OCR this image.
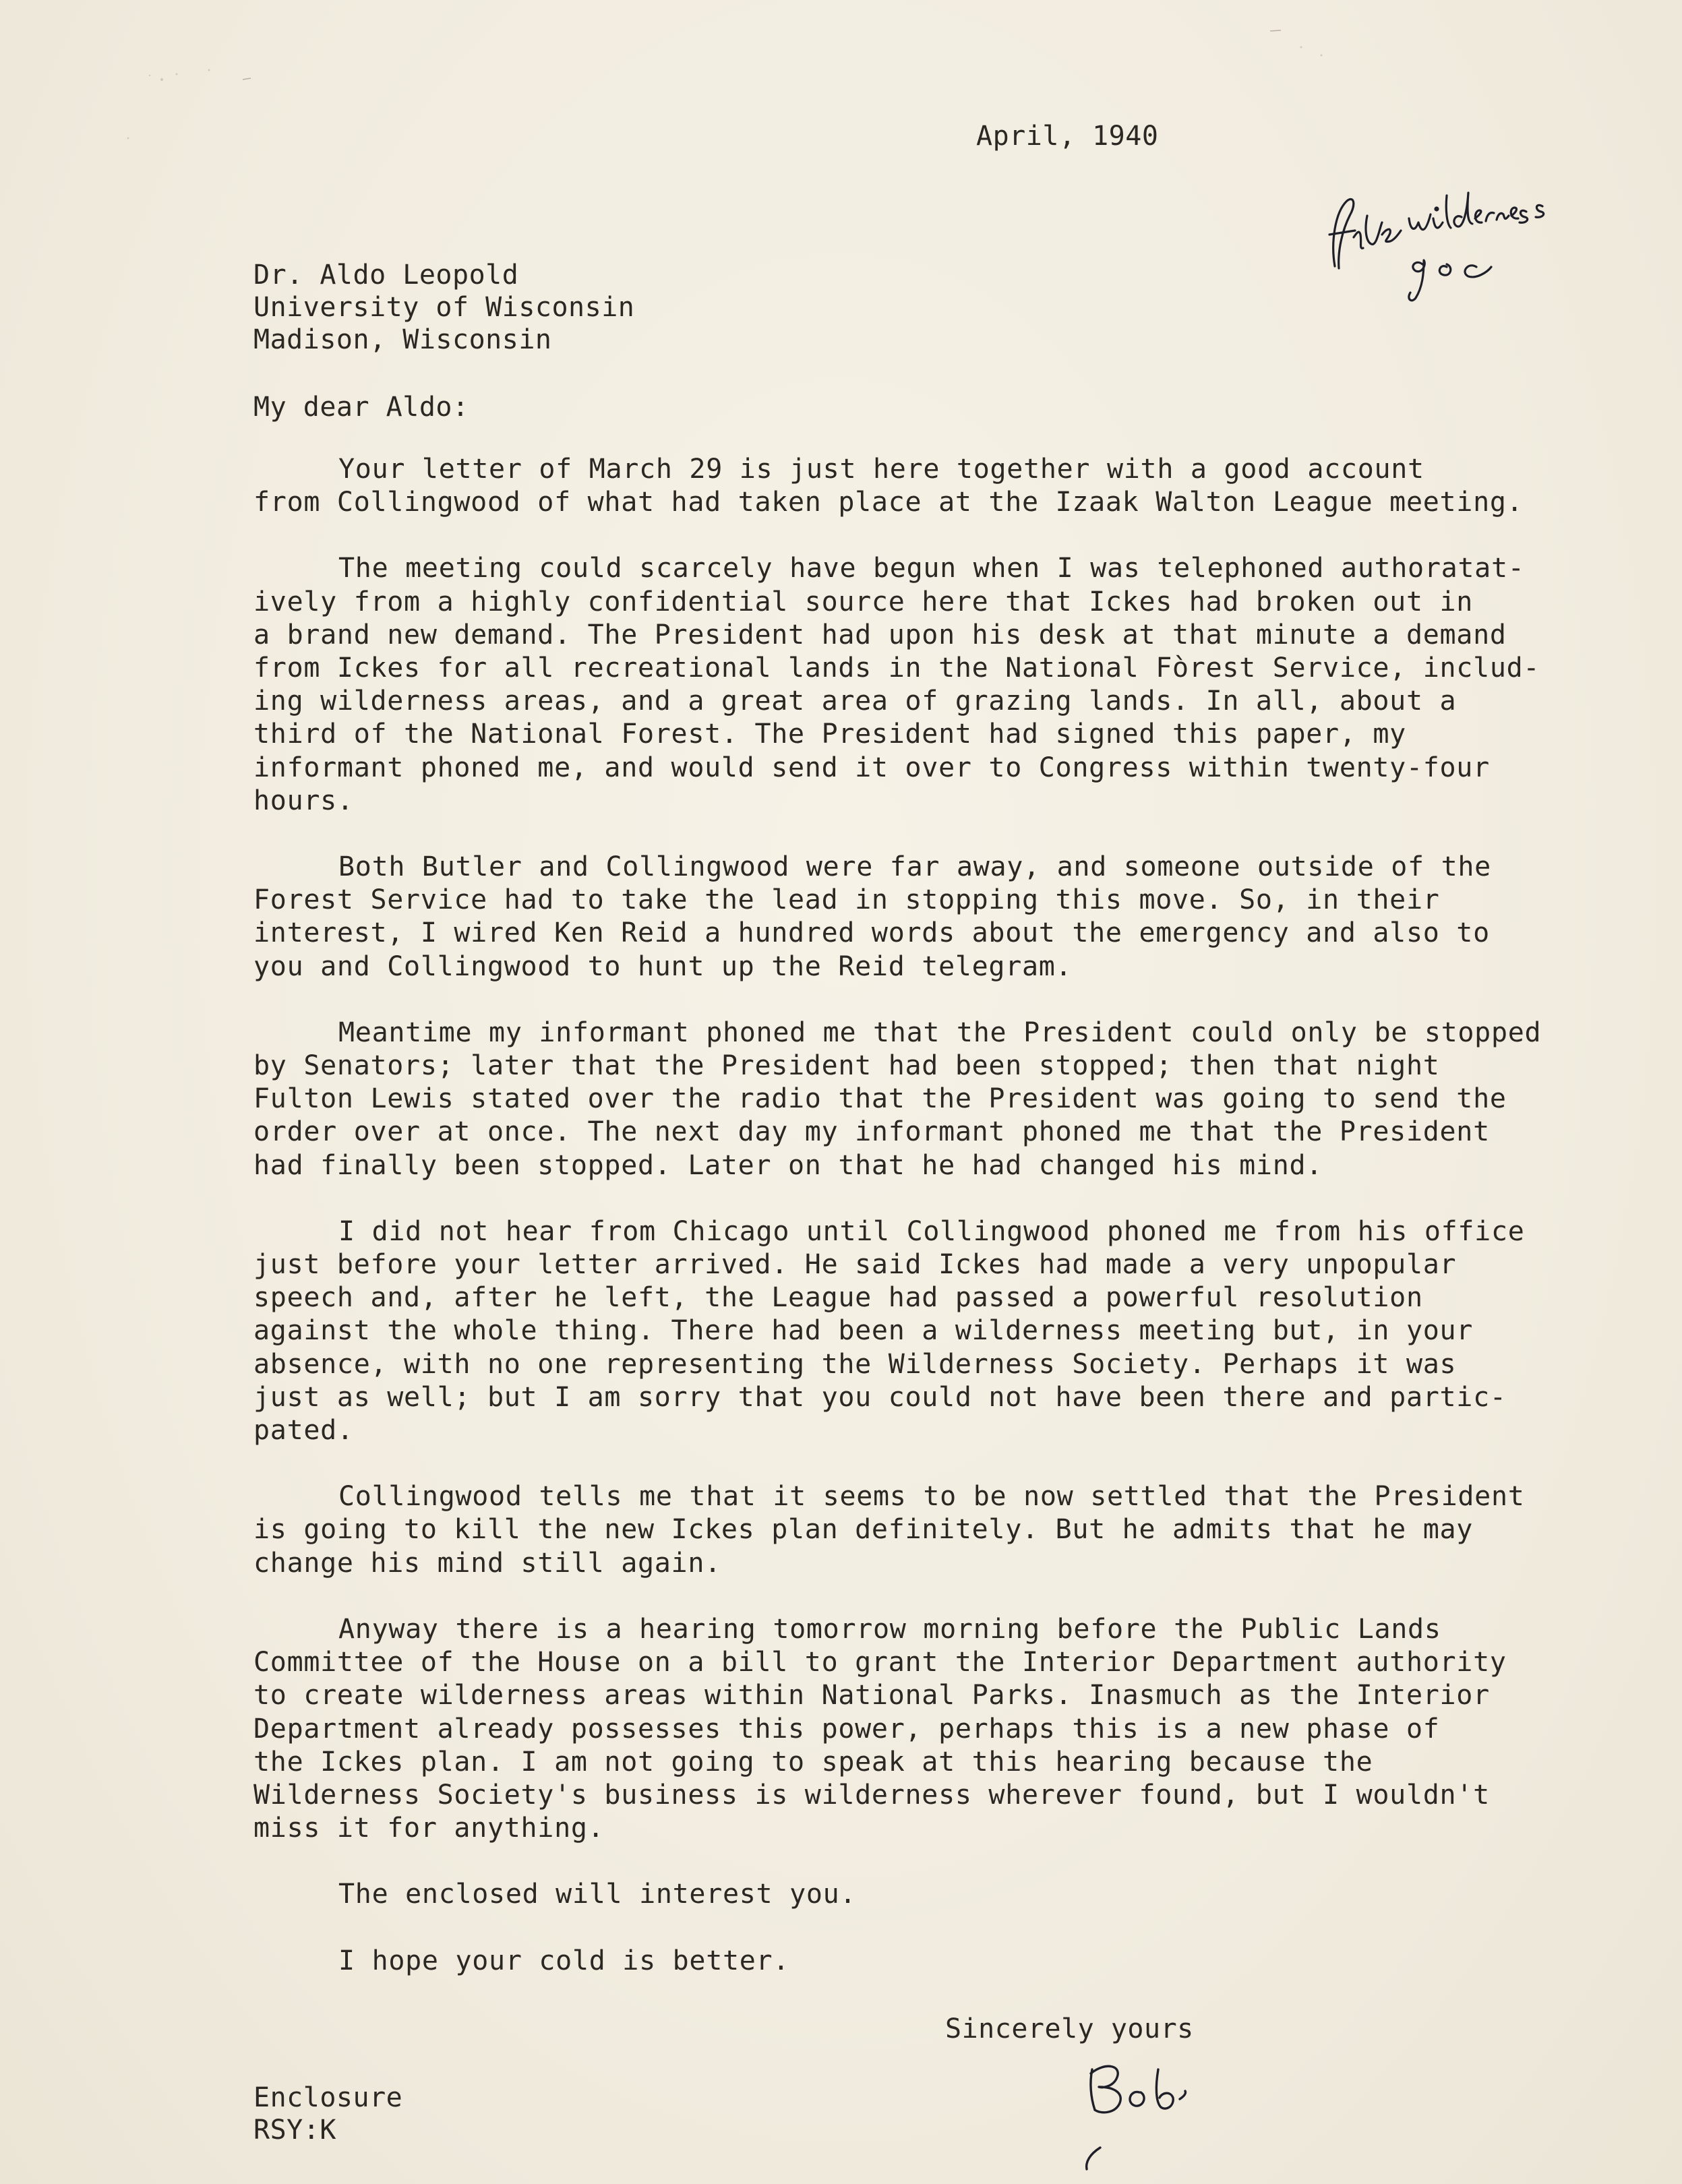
April, 1940
Dr. Aldo Leopold
University of Wisconsin
Madison, Wisconsin
My dear Aldo:
Your letter of March 29 is just here together with a good account
from Collingwood of what had taken place at the Izaak Walton League meeting.
The meeting could scarcely have begun when I was telephoned authoratat-
ively from a highly confidential source here that Ickes had broken out in
a brand new demand. The President had upon his desk at that minute a demand
from Ickes for all recreational lands in the National Fòrest Service, includ-
ing wilderness areas, and a great area of grazing lands. In all, about a
third of the National Forest. The President had signed this paper, my
informant phoned me, and would send it over to Congress within twenty-four
hours.
Both Butler and Collingwood were far away, and someone outside of the
Forest Service had to take the lead in stopping this move. So, in their
interest, I wired Ken Reid a hundred words about the emergency and also to
you and Collingwood to hunt up the Reid telegram.
Meantime my informant phoned me that the President could only be stopped
by Senators; later that the President had been stopped; then that night
Fulton Lewis stated over the radio that the President was going to send the
order over at once. The next day my informant phoned me that the President
had finally been stopped. Later on that he had changed his mind.
I did not hear from Chicago until Collingwood phoned me from his office
just before your letter arrived. He said Ickes had made a very unpopular
speech and, after he left, the League had passed a powerful resolution
against the whole thing. There had been a wilderness meeting but, in your
absence, with no one representing the Wilderness Society. Perhaps it was
just as well; but I am sorry that you could not have been there and partic-
pated.
Collingwood tells me that it seems to be now settled that the President
is going to kill the new Ickes plan definitely. But he admits that he may
change his mind still again.
Anyway there is a hearing tomorrow morning before the Public Lands
Committee of the House on a bill to grant the Interior Department authority
to create wilderness areas within National Parks. Inasmuch as the Interior
Department already possesses this power, perhaps this is a new phase of
the Ickes plan. I am not going to speak at this hearing because the
Wilderness Society's business is wilderness wherever found, but I wouldn't
miss it for anything.
The enclosed will interest you.
I hope your cold is better.
Sincerely yours
Enclosure
RSY:K
